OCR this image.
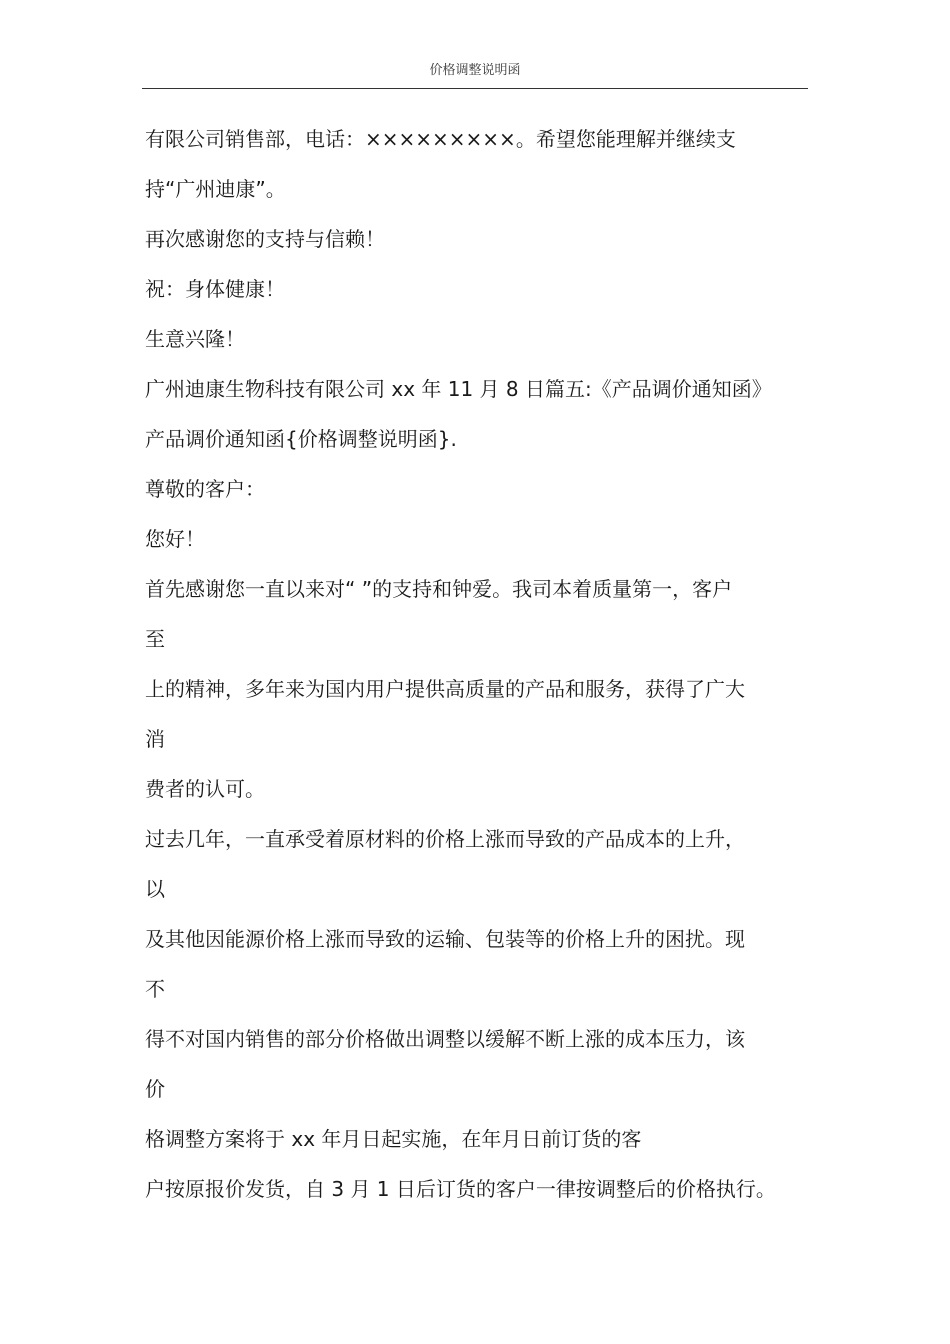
价格调整说明函
有限公司销售部，电话：×××××××××。希望您能理解并继续支
持“广州迪康”。
再次感谢您的支持与信赖！
祝：身体健康！
生意兴隆！
广州迪康生物科技有限公司 xx 年 11 月 8 日篇五:《产品调价通知函》
产品调价通知函{价格调整说明函}.
尊敬的客户：
您好！
首先感谢您一直以来对“ ”的支持和钟爱。我司本着质量第一，客户
至
上的精神，多年来为国内用户提供高质量的产品和服务，获得了广大
消
费者的认可。
过去几年，一直承受着原材料的价格上涨而导致的产品成本的上升，
以
及其他因能源价格上涨而导致的运输、包装等的价格上升的困扰。现
不
得不对国内销售的部分价格做出调整以缓解不断上涨的成本压力，该
价
格调整方案将于 xx 年月日起实施，在年月日前订货的客
户按原报价发货，自 3 月 1 日后订货的客户一律按调整后的价格执行。
